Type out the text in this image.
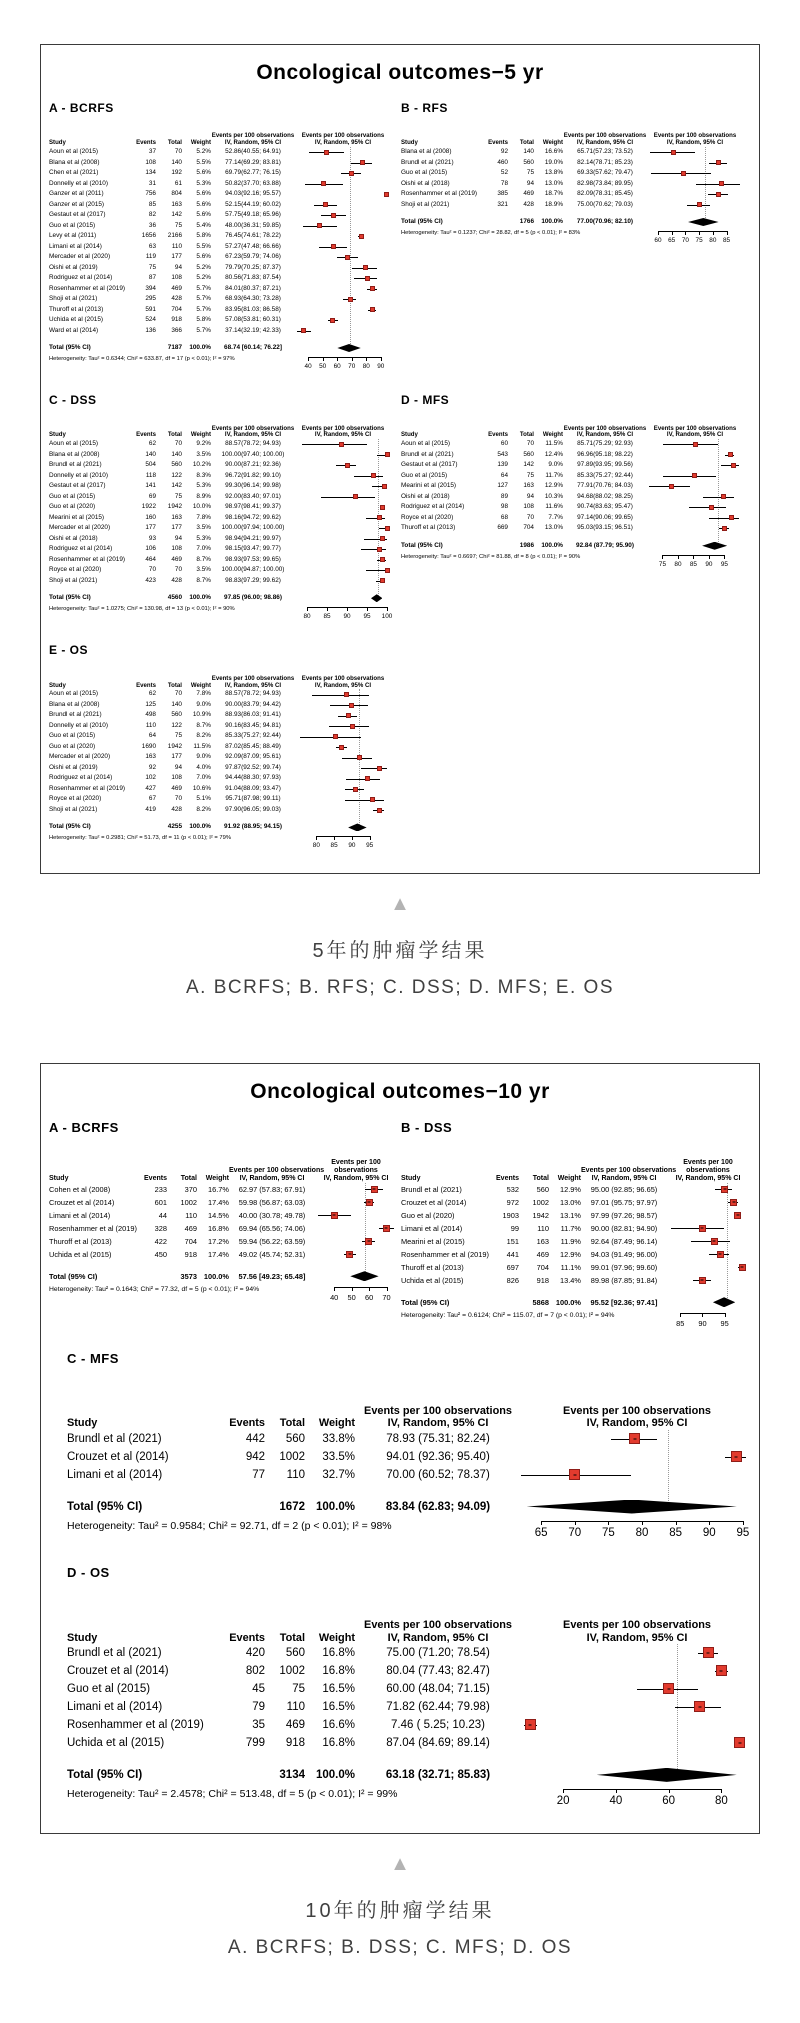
Oncological outcomes−5 yr
A - BCRFS
Study	Events	Total	Weight
Events per 100 observations
IV, Random, 95% CI
Aoun et al (2015)	37	70	5.2%	52.86(40.55; 64.91)
Blana et al (2008)	108	140	5.5%	77.14(69.29; 83.81)
Chen et al (2021)	134	192	5.6%	69.79(62.77; 76.15)
Donnelly et al (2010)	31	61	5.3%	50.82(37.70; 63.88)
Ganzer et al (2011)	756	804	5.6%	94.03(92.16; 95.57)
Ganzer et al (2015)	85	163	5.6%	52.15(44.19; 60.02)
Gestaut et al (2017)	82	142	5.6%	57.75(49.18; 65.96)
Guo et al (2015)	36	75	5.4%	48.00(36.31; 59.85)
Levy et al (2011)	1656	2166	5.8%	76.45(74.61; 78.22)
Limani et al (2014)	63	110	5.5%	57.27(47.48; 66.66)
Mercader et al (2020)	119	177	5.6%	67.23(59.79; 74.06)
Oishi et al (2019)	75	94	5.2%	79.79(70.25; 87.37)
Rodriguez et al (2014)	87	108	5.2%	80.56(71.83; 87.54)
Rosenhammer et al (2019)	394	469	5.7%	84.01(80.37; 87.21)
Shoji et al (2021)	295	428	5.7%	68.93(64.30; 73.28)
Thuroff et al (2013)	591	704	5.7%	83.95(81.03; 86.58)
Uchida et al (2015)	524	918	5.8%	57.08(53.81; 60.31)
Ward et al (2014)	136	366	5.7%	37.14(32.19; 42.33)
Total (95% CI)	7187	100.0%	68.74 [60.14; 76.22]
Heterogeneity: Tau² = 0.6344; Chi² = 633.87, df = 17 (p < 0.01); I² = 97%
Events per 100 observations
IV, Random, 95% CI
40 50 60 70 80 90
B - RFS
Study	Events	Total	Weight
Events per 100 observations
IV, Random, 95% CI
Blana et al (2008)	92	140	16.6%	65.71(57.23; 73.52)
Brundl et al (2021)	460	560	19.0%	82.14(78.71; 85.23)
Guo et al (2015)	52	75	13.8%	69.33(57.62; 79.47)
Oishi et al (2018)	78	94	13.0%	82.98(73.84; 89.95)
Rosenhammer et al (2019)	385	469	18.7%	82.09(78.31; 85.45)
Shoji et al (2021)	321	428	18.9%	75.00(70.62; 79.03)
Total (95% CI)	1766	100.0%	77.00(70.96; 82.10)
Heterogeneity: Tau² = 0.1237; Chi² = 28.82, df = 5 (p < 0.01); I² = 83%
Events per 100 observations
IV, Random, 95% CI
60 65 70 75 80 85
C - DSS
Study	Events	Total	Weight
Events per 100 observations
IV, Random, 95% CI
Aoun et al (2015)	62	70	9.2%	88.57(78.72; 94.93)
Blana et al (2008)	140	140	3.5%	100.00(97.40; 100.00)
Brundl et al (2021)	504	560	10.2%	90.00(87.21; 92.36)
Donnelly et al (2010)	118	122	8.3%	96.72(91.82; 99.10)
Gestaut et al (2017)	141	142	5.3%	99.30(96.14; 99.98)
Guo et al (2015)	69	75	8.9%	92.00(83.40; 97.01)
Guo et al (2020)	1922	1942	10.0%	98.97(98.41; 99.37)
Mearini et al (2015)	160	163	7.8%	98.16(94.72; 99.62)
Mercader et al (2020)	177	177	3.5%	100.00(97.94; 100.00)
Oishi et al (2018)	93	94	5.3%	98.94(94.21; 99.97)
Rodriguez et al (2014)	106	108	7.0%	98.15(93.47; 99.77)
Rosenhammer et al (2019)	464	469	8.7%	98.93(97.53; 99.65)
Royce et al (2020)	70	70	3.5%	100.00(94.87; 100.00)
Shoji et al (2021)	423	428	8.7%	98.83(97.29; 99.62)
Total (95% CI)	4560	100.0%	97.85 (96.00; 98.86)
Heterogeneity: Tau² = 1.0275; Chi² = 130.98, df = 13 (p < 0.01); I² = 90%
Events per 100 observations
IV, Random, 95% CI
80 85 90 95 100
D - MFS
Study	Events	Total	Weight
Events per 100 observations
IV, Random, 95% CI
Aoun et al (2015)	60	70	11.5%	85.71(75.29; 92.93)
Brundl et al (2021)	543	560	12.4%	96.96(95.18; 98.22)
Gestaut et al (2017)	139	142	9.0%	97.89(93.95; 99.56)
Guo et al (2015)	64	75	11.7%	85.33(75.27; 92.44)
Mearini et al (2015)	127	163	12.9%	77.91(70.76; 84.03)
Oishi et al (2018)	89	94	10.3%	94.68(88.02; 98.25)
Rodriguez et al (2014)	98	108	11.6%	90.74(83.63; 95.47)
Royce et al (2020)	68	70	7.7%	97.14(90.06; 99.65)
Thuroff et al (2013)	669	704	13.0%	95.03(93.15; 96.51)
Total (95% CI)	1986	100.0%	92.84 (87.79; 95.90)
Heterogeneity: Tau² = 0.6697; Chi² = 81.88, df = 8 (p < 0.01); I² = 90%
Events per 100 observations
IV, Random, 95% CI
75 80 85 90 95
E - OS
Study	Events	Total	Weight
Events per 100 observations
IV, Random, 95% CI
Aoun et al (2015)	62	70	7.8%	88.57(78.72; 94.93)
Blana et al (2008)	125	140	9.0%	90.00(83.79; 94.42)
Brundl et al (2021)	498	560	10.9%	88.93(86.03; 91.41)
Donnelly et al (2010)	110	122	8.7%	90.16(83.45; 94.81)
Guo et al (2015)	64	75	8.2%	85.33(75.27; 92.44)
Guo et al (2020)	1690	1942	11.5%	87.02(85.45; 88.49)
Mercader et al (2020)	163	177	9.0%	92.09(87.09; 95.61)
Oishi et al (2019)	92	94	4.0%	97.87(92.52; 99.74)
Rodriguez et al (2014)	102	108	7.0%	94.44(88.30; 97.93)
Rosenhammer et al (2019)	427	469	10.6%	91.04(88.09; 93.47)
Royce et al (2020)	67	70	5.1%	95.71(87.98; 99.11)
Shoji et al (2021)	419	428	8.2%	97.90(96.05; 99.03)
Total (95% CI)	4255	100.0%	91.92 (88.95; 94.15)
Heterogeneity: Tau² = 0.2981; Chi² = 51.73, df = 11 (p < 0.01); I² = 79%
Events per 100 observations
IV, Random, 95% CI
80 85 90 95
▲
5年的肿瘤学结果
A. BCRFS; B. RFS; C. DSS; D. MFS; E. OS
Oncological outcomes−10 yr
A - BCRFS
Study	Events	Total	Weight
Events per 100 observations
IV, Random, 95% CI
Cohen et al (2008)	233	370	16.7%	62.97 (57.83; 67.91)
Crouzet et al (2014)	601	1002	17.4%	59.98 (56.87; 63.03)
Limani et al (2014)	44	110	14.5%	40.00 (30.78; 49.78)
Rosenhammer et al (2019)	328	469	16.8%	69.94 (65.56; 74.06)
Thuroff et al (2013)	422	704	17.2%	59.94 (56.22; 63.59)
Uchida et al (2015)	450	918	17.4%	49.02 (45.74; 52.31)
Total (95% CI)	3573 100.0%	57.56 [49.23; 65.48]
Heterogeneity: Tau² = 0.1643; Chi² = 77.32, df = 5 (p < 0.01); I² = 94%
Events per 100 observations
IV, Random, 95% CI
40 50 60 70
B - DSS
Study	Events	Total	Weight
Events per 100 observations
IV, Random, 95% CI
Brundl et al (2021)	532	560	12.9%	95.00 (92.85; 96.65)
Crouzet et al (2014)	972	1002	13.0%	97.01 (95.75; 97.97)
Guo et al (2020)	1903	1942	13.1%	97.99 (97.26; 98.57)
Limani et al (2014)	99	110	11.7%	90.00 (82.81; 94.90)
Mearini et al (2015)	151	163	11.9%	92.64 (87.49; 96.14)
Rosenhammer et al (2019)	441	469	12.9%	94.03 (91.49; 96.00)
Thuroff et al (2013)	697	704	11.1%	99.01 (97.96; 99.60)
Uchida et al (2015)	826	918	13.4%	89.98 (87.85; 91.84)
Total (95% CI)	5868 100.0%	95.52 [92.36; 97.41]
Heterogeneity: Tau² = 0.6124; Chi² = 115.07, df = 7 (p < 0.01); I² = 94%
Events per 100 observations
IV, Random, 95% CI
85 90 95
C - MFS
Study	Events	Total	Weight
Events per 100 observations
IV, Random, 95% CI
Brundl et al (2021)	442	560	33.8%	78.93 (75.31; 82.24)
Crouzet et al (2014)	942	1002	33.5%	94.01 (92.36; 95.40)
Limani et al (2014)	77	110	32.7%	70.00 (60.52; 78.37)
Total (95% CI)	1672 100.0%	83.84 (62.83; 94.09)
Heterogeneity: Tau² = 0.9584; Chi² = 92.71, df = 2 (p < 0.01); I² = 98%
Events per 100 observations
IV, Random, 95% CI
65 70 75 80 85 90 95
D - OS
Study	Events	Total	Weight
Events per 100 observations
IV, Random, 95% CI
Brundl et al (2021)	420	560	16.8%	75.00 (71.20; 78.54)
Crouzet et al (2014)	802	1002	16.8%	80.04 (77.43; 82.47)
Guo et al (2015)	45	75	16.5%	60.00 (48.04; 71.15)
Limani et al (2014)	79	110	16.5%	71.82 (62.44; 79.98)
Rosenhammer et al (2019)	35	469	16.6%	7.46 ( 5.25; 10.23)
Uchida et al (2015)	799	918	16.8%	87.04 (84.69; 89.14)
Total (95% CI)	3134 100.0%	63.18 (32.71; 85.83)
Heterogeneity: Tau² = 2.4578; Chi² = 513.48, df = 5 (p < 0.01); I² = 99%
Events per 100 observations
IV, Random, 95% CI
20	40	60	80
▲
10年的肿瘤学结果
A. BCRFS; B. DSS; C. MFS; D. OS
